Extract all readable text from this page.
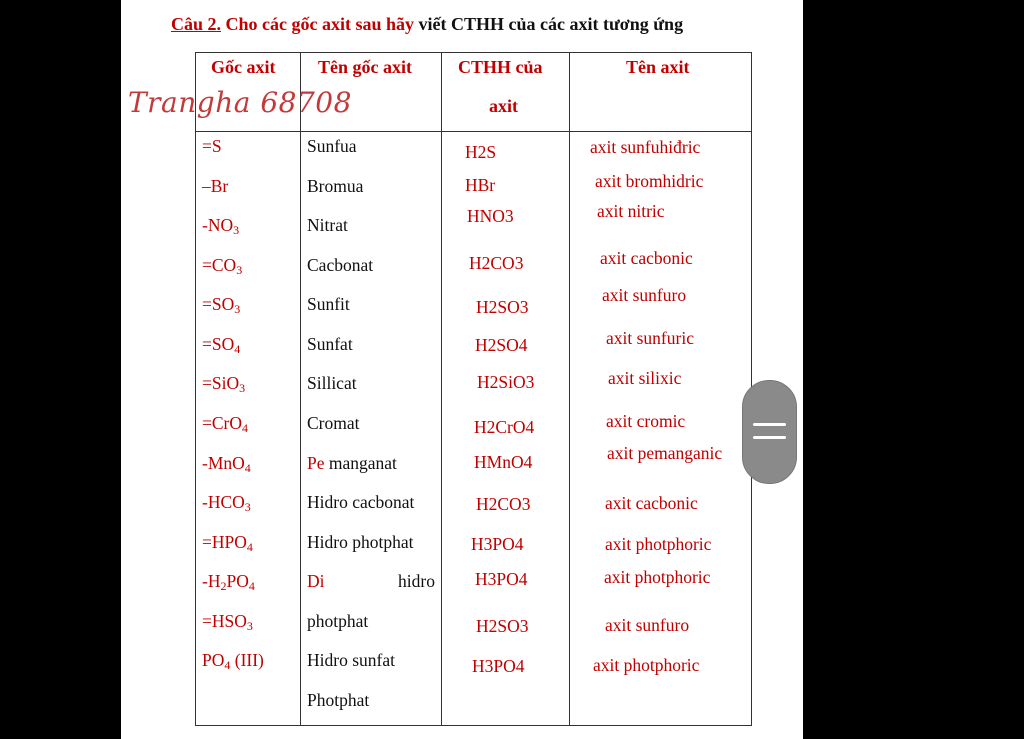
Câu 2. Cho các gốc axit sau hãy viết CTHH của các axit tương ứng
Gốc axit Tên gốc axit	CTHH của
axit
Tên axit
Trangha 68708
=S
–Br
$-NO_3$
$=CO_3$
$=SO_3$
$=SO_4$
=SiO$_3$
=CrO$_4$
-MnO$_4$
$-HCO_3$
$=HPO_4$
$-H_2PO_4$
$=HSO_3$
$PO_4$ (III)
Sunfua
Bromua
Nitrat
Cacbonat
Sunfit
Sunfat
Sillicat
Cromat
Pe manganat
Hidro cacbonat
Hidro photphat
Di	hidro
photphat
Hidro sunfat
Photphat
H2S
HBr
HNO3
H2CO3
H2SO3
H2SO4
H2SiO3
H2CrO4
HMnO4
H2CO3
H3PO4
H3PO4
H2SO3
H3PO4
axit sunfuhiđric
axit bromhidric
axit nitric
axit cacbonic
axit sunfuro
axit sunfuric
axit silixic
axit cromic
axit pemanganic
axit cacbonic
axit photphoric
axit photphoric
axit sunfuro
axit photphoric
